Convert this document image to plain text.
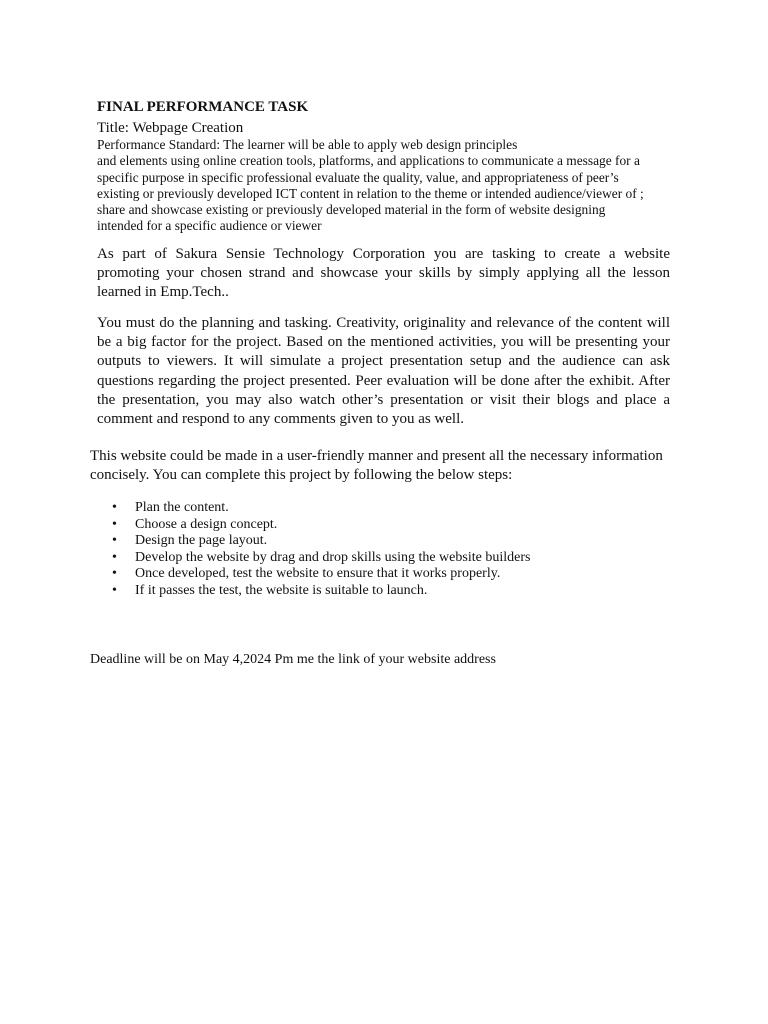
FINAL PERFORMANCE TASK
Title: Webpage Creation
Performance Standard: The learner will be able to apply web design principles
and elements using online creation tools, platforms, and applications to communicate a message for a
specific purpose in specific professional evaluate the quality, value, and appropriateness of peer’s
existing or previously developed ICT content in relation to the theme or intended audience/viewer of ;
share and showcase existing or previously developed material in the form of website designing
intended for a specific audience or viewer
As part of Sakura Sensie Technology Corporation you are tasking to create a website promoting your chosen strand and showcase your skills by simply applying all the lesson learned in Emp.Tech..
You must do the planning and tasking. Creativity, originality and relevance of the content will be a big factor for the project. Based on the mentioned activities, you will be presenting your outputs to viewers. It will simulate a project presentation setup and the audience can ask questions regarding the project presented. Peer evaluation will be done after the exhibit. After the presentation, you may also watch other’s presentation or visit their blogs and place a comment and respond to any comments given to you as well.
This website could be made in a user-friendly manner and present all the necessary information concisely. You can complete this project by following the below steps:
• Plan the content.
• Choose a design concept.
• Design the page layout.
• Develop the website by drag and drop skills using the website builders
• Once developed, test the website to ensure that it works properly.
• If it passes the test, the website is suitable to launch.
Deadline will be on May 4,2024 Pm me the link of your website address
